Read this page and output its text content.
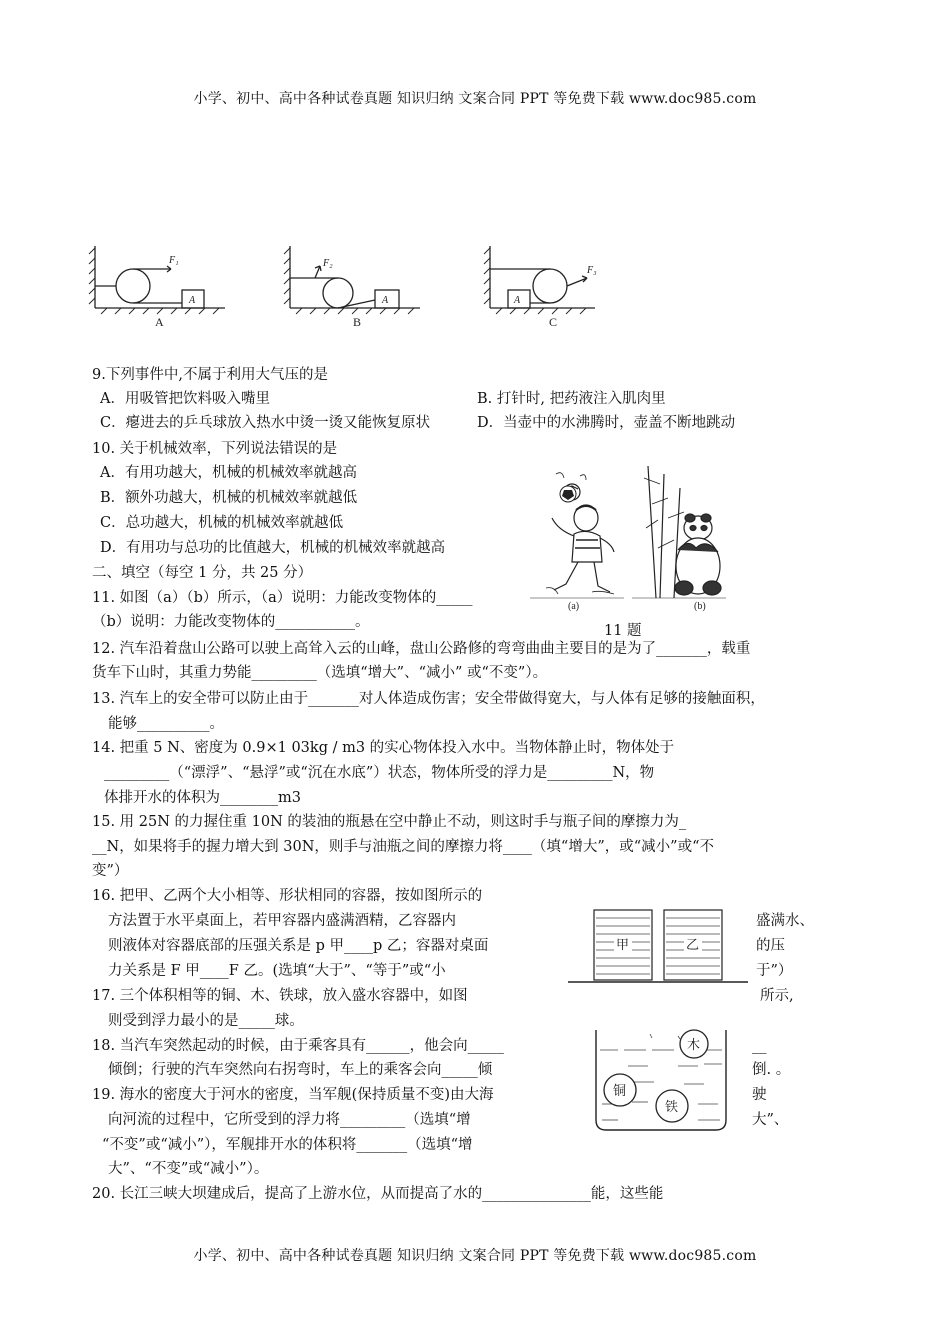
小学、初中、高中各种试卷真题 知识归纳 文案合同 PPT 等免费下载 www.doc985.com
A	A	A
F₁	F₂
F₃
A	B	C
9.下列事件中,不属于利用大气压的是
A．用吸管把饮料吸入嘴里	B. 打针时, 把药液注入肌肉里
C．瘪进去的乒乓球放入热水中烫一烫又能恢复原状	D．当壶中的水沸腾时，壶盖不断地跳动
10. 关于机械效率，下列说法错误的是
A．有用功越大，机械的机械效率就越高
B．额外功越大，机械的机械效率就越低
C．总功越大，机械的机械效率就越低
D．有用功与总功的比值越大，机械的机械效率就越高
(a)	(b)
二、填空（每空 1 分，共 25 分）
11. 如图（a）（b）所示，（a）说明：力能改变物体的_____
（b）说明：力能改变物体的___________。
11 题
12. 汽车沿着盘山公路可以驶上高耸入云的山峰，盘山公路修的弯弯曲曲主要目的是为了_______，载重
货车下山时，其重力势能_________（选填“增大”、“减小” 或“不变”）。
13. 汽车上的安全带可以防止由于_______对人体造成伤害；安全带做得宽大，与人体有足够的接触面积，
能够__________。
14. 把重 5 N、密度为 0.9×1 03kg / m3 的实心物体投入水中。当物体静止时，物体处于
_________（“漂浮”、“悬浮”或“沉在水底”）状态，物体所受的浮力是_________N，物
体排开水的体积为________m3
15. 用 25N 的力握住重 10N 的装油的瓶悬在空中静止不动，则这时手与瓶子间的摩擦力为_
__N，如果将手的握力增大到 30N，则手与油瓶之间的摩擦力将____（填“增大”，或“减小”或“不
变”）
16. 把甲、乙两个大小相等、形状相同的容器，按如图所示的
方法置于水平桌面上，若甲容器内盛满酒精，乙容器内	盛满水、
则液体对容器底部的压强关系是 p 甲____p 乙；容器对桌面	的压
力关系是 F 甲____F 乙。(选填“大于”、“等于”或“小	于”）
甲	乙
17. 三个体积相等的铜、木、铁球，放入盛水容器中，如图	所示,
则受到浮力最小的是_____球。
木
铜
铁
18. 当汽车突然起动的时候，由于乘客具有______，他会向_____	__
倾倒；行驶的汽车突然向右拐弯时，车上的乘客会向_____倾	倒. 。
19. 海水的密度大于河水的密度，当军舰(保持质量不变)由大海	驶
向河流的过程中，它所受到的浮力将_________（选填“增	大”、
“不变”或“减小”），军舰排开水的体积将_______（选填“增
大”、“不变”或“减小”）。
20. 长江三峡大坝建成后，提高了上游水位，从而提高了水的_______________能，这些能
小学、初中、高中各种试卷真题 知识归纳 文案合同 PPT 等免费下载 www.doc985.com
